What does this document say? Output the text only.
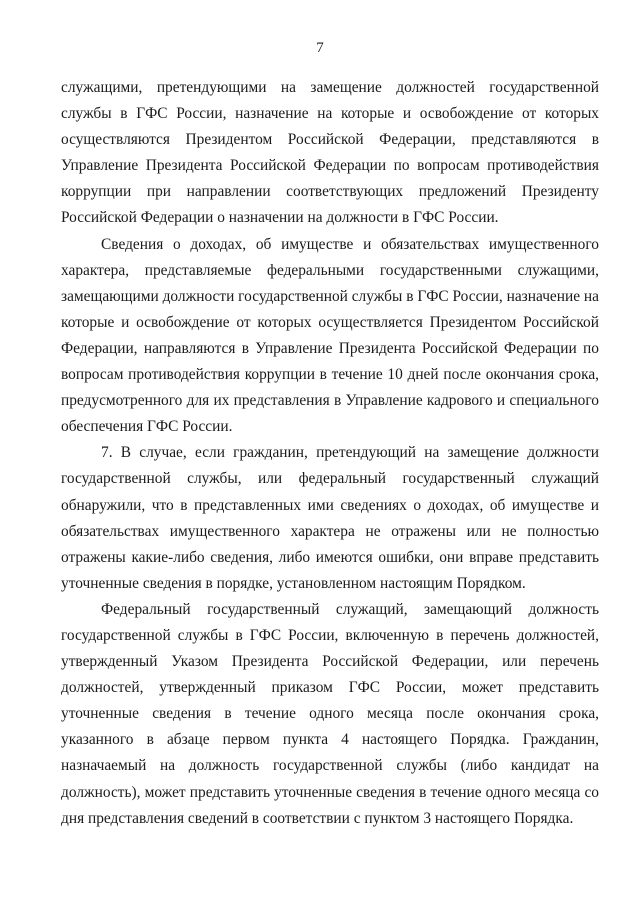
7

служащими, претендующими на замещение должностей государственной службы в ГФС России, назначение на которые и освобождение от которых осуществляются Президентом Российской Федерации, представляются в Управление Президента Российской Федерации по вопросам противодействия коррупции при направлении соответствующих предложений Президенту Российской Федерации о назначении на должности в ГФС России.

Сведения о доходах, об имуществе и обязательствах имущественного характера, представляемые федеральными государственными служащими, замещающими должности государственной службы в ГФС России, назначение на которые и освобождение от которых осуществляется Президентом Российской Федерации, направляются в Управление Президента Российской Федерации по вопросам противодействия коррупции в течение 10 дней после окончания срока, предусмотренного для их представления в Управление кадрового и специального обеспечения ГФС России.

7. В случае, если гражданин, претендующий на замещение должности государственной службы, или федеральный государственный служащий обнаружили, что в представленных ими сведениях о доходах, об имуществе и обязательствах имущественного характера не отражены или не полностью отражены какие-либо сведения, либо имеются ошибки, они вправе представить уточненные сведения в порядке, установленном настоящим Порядком.

Федеральный государственный служащий, замещающий должность государственной службы в ГФС России, включенную в перечень должностей, утвержденный Указом Президента Российской Федерации, или перечень должностей, утвержденный приказом ГФС России, может представить уточненные сведения в течение одного месяца после окончания срока, указанного в абзаце первом пункта 4 настоящего Порядка. Гражданин, назначаемый на должность государственной службы (либо кандидат на должность), может представить уточненные сведения в течение одного месяца со дня представления сведений в соответствии с пунктом 3 настоящего Порядка.
